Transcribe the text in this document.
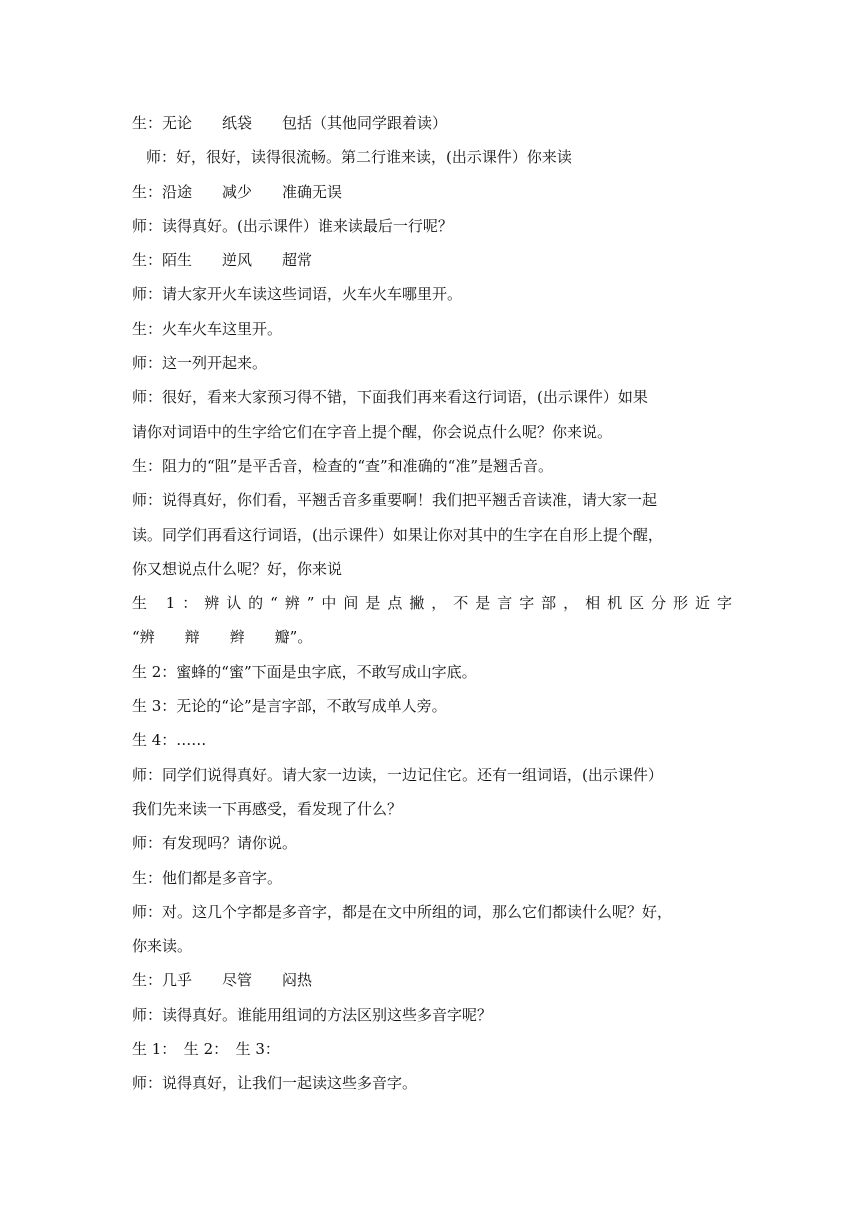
生：无论　　纸袋　　包括（其他同学跟着读）
师：好，很好，读得很流畅。第二行谁来读，(出示课件）你来读
生：沿途　　减少　　准确无误
师：读得真好。(出示课件）谁来读最后一行呢？
生：陌生　　逆风　　超常
师：请大家开火车读这些词语，火车火车哪里开。
生：火车火车这里开。
师：这一列开起来。
师：很好，看来大家预习得不错，下面我们再来看这行词语，(出示课件）如果
请你对词语中的生字给它们在字音上提个醒，你会说点什么呢？你来说。
生：阻力的“阻”是平舌音，检查的“查”和准确的“准”是翘舌音。
师：说得真好，你们看，平翘舌音多重要啊！我们把平翘舌音读准，请大家一起
读。同学们再看这行词语，(出示课件）如果让你对其中的生字在自形上提个醒，
你又想说点什么呢？好，你来说
生 1：辨认的“辨”中间是点撇，不是言字部，相机区分形近字
“辨　　辩　　辫　　瓣”。
生 2：蜜蜂的“蜜”下面是虫字底，不敢写成山字底。
生 3：无论的“论”是言字部，不敢写成单人旁。
生 4：……
师：同学们说得真好。请大家一边读，一边记住它。还有一组词语，(出示课件）
我们先来读一下再感受，看发现了什么？
师：有发现吗？请你说。
生：他们都是多音字。
师：对。这几个字都是多音字，都是在文中所组的词，那么它们都读什么呢？好，
你来读。
生：几乎　　尽管　　闷热
师：读得真好。谁能用组词的方法区别这些多音字呢？
生 1：　生 2：　生 3：
师：说得真好，让我们一起读这些多音字。
